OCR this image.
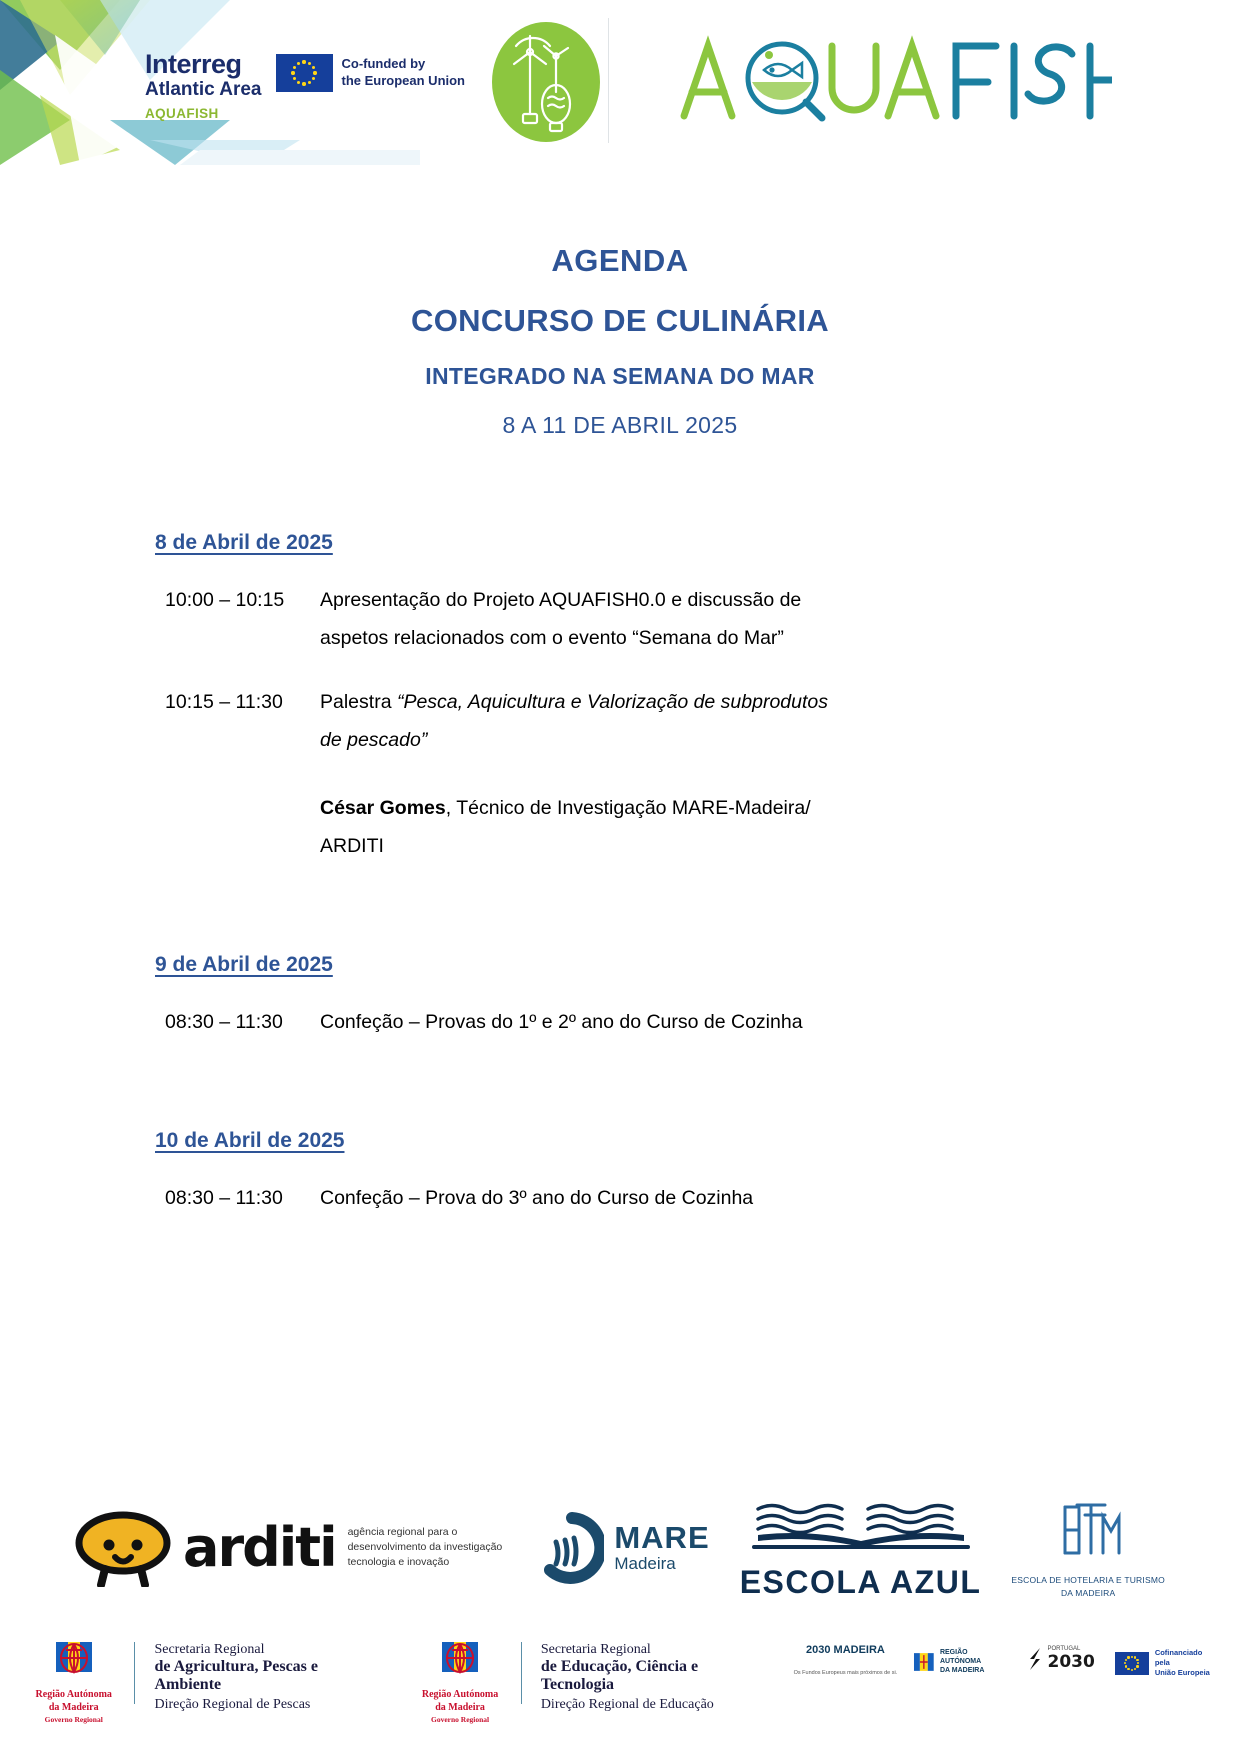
Interreg
Atlantic Area
AQUAFISH
Co-funded by
the European Union
AGENDA
CONCURSO DE CULINÁRIA
INTEGRADO NA SEMANA DO MAR
8 A 11 DE ABRIL 2025
8 de Abril de 2025
10:00 – 10:15	Apresentação do Projeto AQUAFISH0.0 e discussão de
aspetos relacionados com o evento “Semana do Mar”
10:15 – 11:30	Palestra “Pesca, Aquicultura e Valorização de subprodutos
de pescado”
César Gomes, Técnico de Investigação MARE-Madeira/
ARDITI
9 de Abril de 2025
08:30 – 11:30	Confeção – Provas do 1º e 2º ano do Curso de Cozinha
10 de Abril de 2025
08:30 – 11:30	Confeção – Prova do 3º ano do Curso de Cozinha
arditi agência regional para o
desenvolvimento da investigação
tecnologia e inovação
MARE
Madeira
ESCOLA AZUL	ESCOLA DE HOTELARIA E TURISMO
DA MADEIRA
Região Autónoma
da Madeira
Governo Regional
Secretaria Regional
de Agricultura, Pescas e Ambiente
Direção Regional de Pescas
Região Autónoma
da Madeira
Governo Regional
Secretaria Regional
de Educação, Ciência e Tecnologia
Direção Regional de Educação
2030 MADEIRA
Os Fundos Europeus mais próximos de si.
REGIÃO AUTÓNOMA
DA MADEIRA
PORTUGAL
2030	Cofinanciado pela
União Europeia
